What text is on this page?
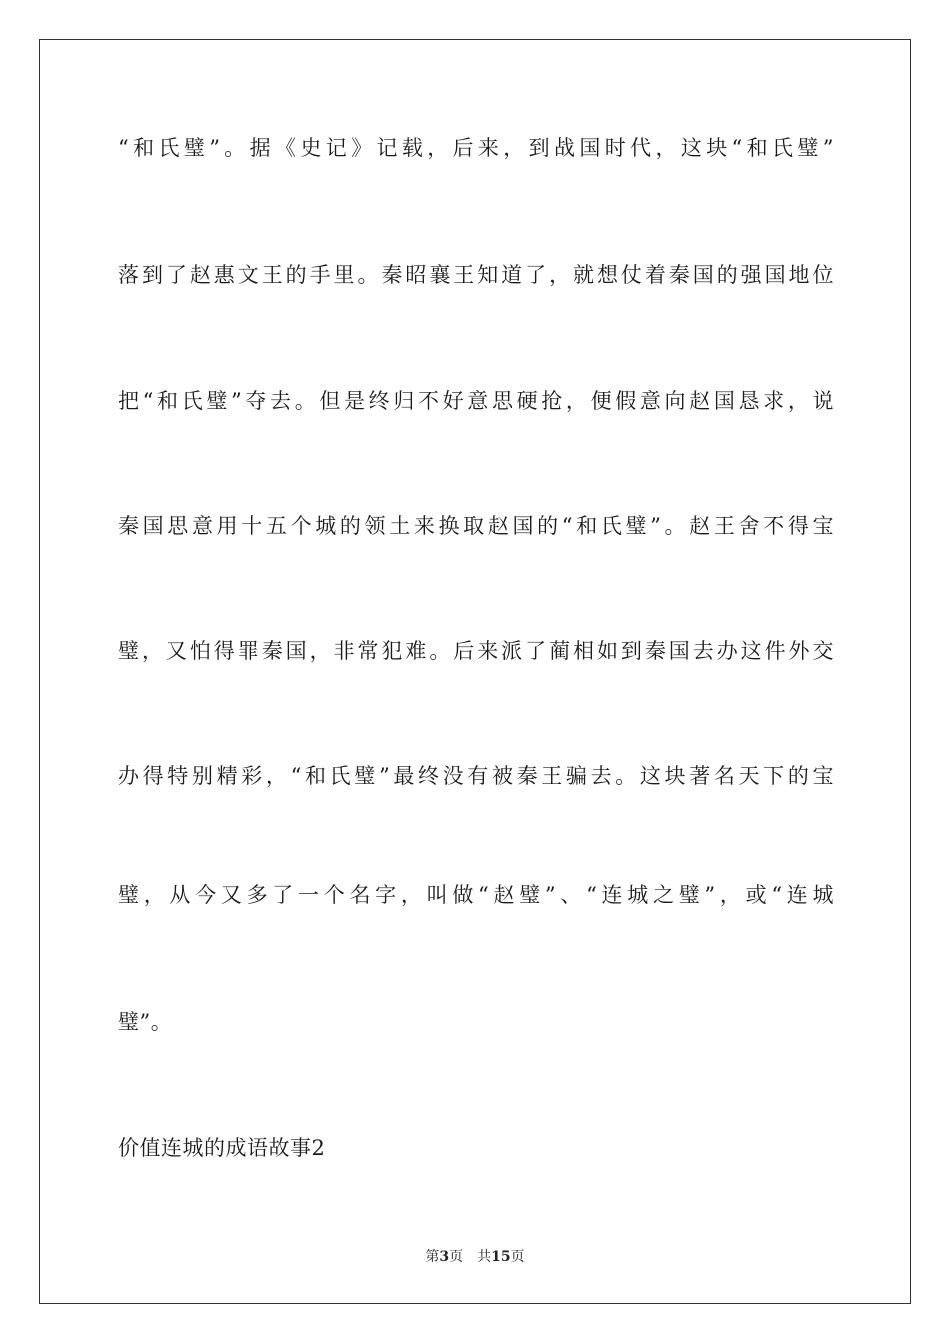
“和氏璧”。据《史记》记载，后来，到战国时代，这块“和氏璧”
落到了赵惠文王的手里。秦昭襄王知道了，就想仗着秦国的强国地位
把“和氏璧”夺去。但是终归不好意思硬抢，便假意向赵国恳求，说
秦国思意用十五个城的领土来换取赵国的“和氏璧”。赵王舍不得宝
璧，又怕得罪秦国，非常犯难。后来派了蔺相如到秦国去办这件外交
办得特别精彩，“和氏璧”最终没有被秦王骗去。这块著名天下的宝
璧，从今又多了一个名字，叫做“赵璧”、“连城之璧”，或“连城
璧”。
价值连城的成语故事2
第3页 共15页
